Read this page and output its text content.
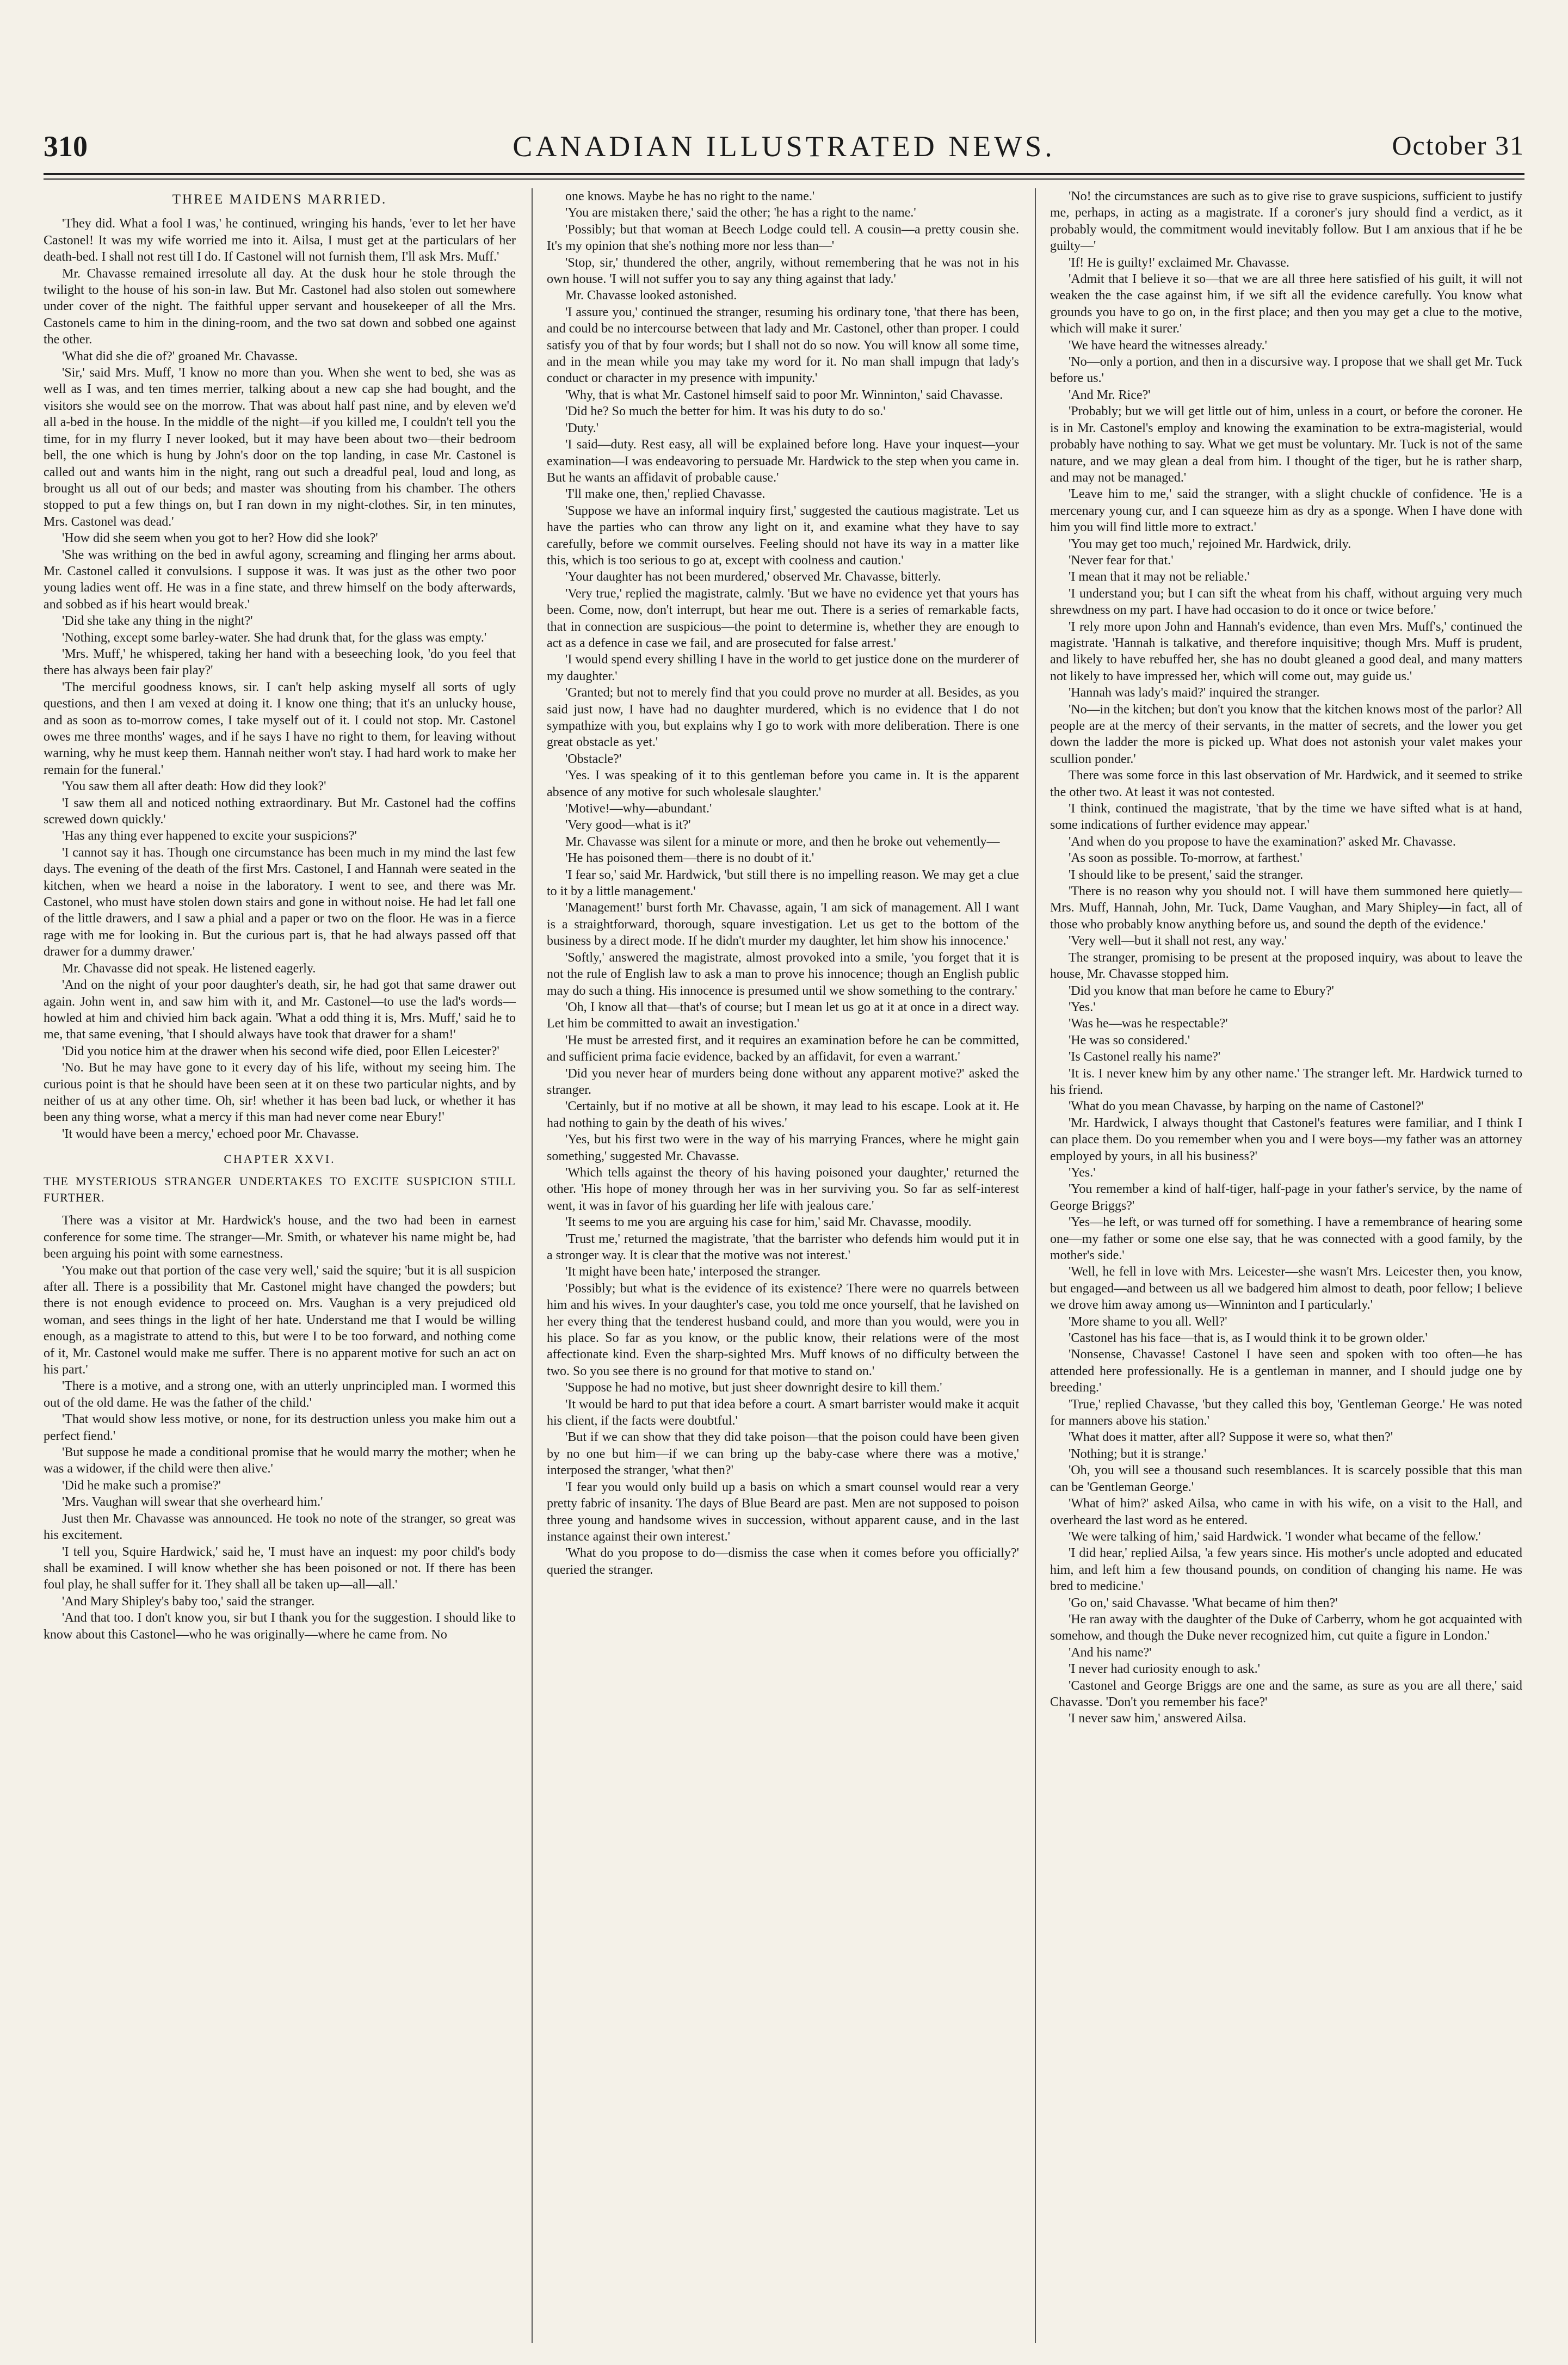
310	CANADIAN ILLUSTRATED NEWS.	October 31
THREE MAIDENS MARRIED.

'They did. What a fool I was,' he continued, wringing his hands, 'ever to let her have Castonel! It was my wife worried me into it. Ailsa, I must get at the particulars of her death-bed. I shall not rest till I do. If Castonel will not furnish them, I'll ask Mrs. Muff.'

Mr. Chavasse remained irresolute all day. At the dusk hour he stole through the twilight to the house of his son-in law. But Mr. Castonel had also stolen out somewhere under cover of the night. The faithful upper servant and housekeeper of all the Mrs. Castonels came to him in the dining-room, and the two sat down and sobbed one against the other.

'What did she die of?' groaned Mr. Chavasse.

'Sir,' said Mrs. Muff, 'I know no more than you. When she went to bed, she was as well as I was, and ten times merrier, talking about a new cap she had bought, and the visitors she would see on the morrow. That was about half past nine, and by eleven we'd all a-bed in the house. In the middle of the night—if you killed me, I couldn't tell you the time, for in my flurry I never looked, but it may have been about two—their bedroom bell, the one which is hung by John's door on the top landing, in case Mr. Castonel is called out and wants him in the night, rang out such a dreadful peal, loud and long, as brought us all out of our beds; and master was shouting from his chamber. The others stopped to put a few things on, but I ran down in my night-clothes. Sir, in ten minutes, Mrs. Castonel was dead.'

'How did she seem when you got to her? How did she look?'

'She was writhing on the bed in awful agony, screaming and flinging her arms about. Mr. Castonel called it convulsions. I suppose it was. It was just as the other two poor young ladies went off. He was in a fine state, and threw himself on the body afterwards, and sobbed as if his heart would break.'

'Did she take any thing in the night?'

'Nothing, except some barley-water. She had drunk that, for the glass was empty.'

'Mrs. Muff,' he whispered, taking her hand with a beseeching look, 'do you feel that there has always been fair play?'

'The merciful goodness knows, sir. I can't help asking myself all sorts of ugly questions, and then I am vexed at doing it. I know one thing; that it's an unlucky house, and as soon as to-morrow comes, I take myself out of it. I could not stop. Mr. Castonel owes me three months' wages, and if he says I have no right to them, for leaving without warning, why he must keep them. Hannah neither won't stay. I had hard work to make her remain for the funeral.'

'You saw them all after death: How did they look?'

'I saw them all and noticed nothing extraordinary. But Mr. Castonel had the coffins screwed down quickly.'

'Has any thing ever happened to excite your suspicions?'

'I cannot say it has. Though one circumstance has been much in my mind the last few days. The evening of the death of the first Mrs. Castonel, I and Hannah were seated in the kitchen, when we heard a noise in the laboratory. I went to see, and there was Mr. Castonel, who must have stolen down stairs and gone in without noise. He had let fall one of the little drawers, and I saw a phial and a paper or two on the floor. He was in a fierce rage with me for looking in. But the curious part is, that he had always passed off that drawer for a dummy drawer.'

Mr. Chavasse did not speak. He listened eagerly.

'And on the night of your poor daughter's death, sir, he had got that same drawer out again. John went in, and saw him with it, and Mr. Castonel—to use the lad's words—howled at him and chivied him back again. 'What a odd thing it is, Mrs. Muff,' said he to me, that same evening, 'that I should always have took that drawer for a sham!'

'Did you notice him at the drawer when his second wife died, poor Ellen Leicester?'

'No. But he may have gone to it every day of his life, without my seeing him. The curious point is that he should have been seen at it on these two particular nights, and by neither of us at any other time. Oh, sir! whether it has been bad luck, or whether it has been any thing worse, what a mercy if this man had never come near Ebury!'

'It would have been a mercy,' echoed poor Mr. Chavasse.

CHAPTER XXVI.
THE MYSTERIOUS STRANGER UNDERTAKES TO EXCITE SUSPICION STILL FURTHER.

There was a visitor at Mr. Hardwick's house, and the two had been in earnest conference for some time. The stranger—Mr. Smith, or whatever his name might be, had been arguing his point with some earnestness.

'You make out that portion of the case very well,' said the squire; 'but it is all suspicion after all. There is a possibility that Mr. Castonel might have changed the powders; but there is not enough evidence to proceed on. Mrs. Vaughan is a very prejudiced old woman, and sees things in the light of her hate. Understand me that I would be willing enough, as a magistrate to attend to this, but were I to be too forward, and nothing come of it, Mr. Castonel would make me suffer. There is no apparent motive for such an act on his part.'

'There is a motive, and a strong one, with an utterly unprincipled man. I wormed this out of the old dame. He was the father of the child.'

'That would show less motive, or none, for its destruction unless you make him out a perfect fiend.'

'But suppose he made a conditional promise that he would marry the mother; when he was a widower, if the child were then alive.'

'Did he make such a promise?'

'Mrs. Vaughan will swear that she overheard him.'

Just then Mr. Chavasse was announced. He took no note of the stranger, so great was his excitement.

'I tell you, Squire Hardwick,' said he, 'I must have an inquest: my poor child's body shall be examined. I will know whether she has been poisoned or not. If there has been foul play, he shall suffer for it. They shall all be taken up—all—all.'

'And Mary Shipley's baby too,' said the stranger.

'And that too. I don't know you, sir but I thank you for the suggestion. I should like to know about this Castonel—who he was originally—where he came from. No

one knows. Maybe he has no right to the name.'

'You are mistaken there,' said the other; 'he has a right to the name.'

'Possibly; but that woman at Beech Lodge could tell. A cousin—a pretty cousin she. It's my opinion that she's nothing more nor less than—'

'Stop, sir,' thundered the other, angrily, without remembering that he was not in his own house. 'I will not suffer you to say any thing against that lady.'

Mr. Chavasse looked astonished.

'I assure you,' continued the stranger, resuming his ordinary tone, 'that there has been, and could be no intercourse between that lady and Mr. Castonel, other than proper. I could satisfy you of that by four words; but I shall not do so now. You will know all some time, and in the mean while you may take my word for it. No man shall impugn that lady's conduct or character in my presence with impunity.'

'Why, that is what Mr. Castonel himself said to poor Mr. Winninton,' said Chavasse.

'Did he? So much the better for him. It was his duty to do so.'

'Duty.'

'I said—duty. Rest easy, all will be explained before long. Have your inquest—your examination—I was endeavoring to persuade Mr. Hardwick to the step when you came in. But he wants an affidavit of probable cause.'

'I'll make one, then,' replied Chavasse.

'Suppose we have an informal inquiry first,' suggested the cautious magistrate. 'Let us have the parties who can throw any light on it, and examine what they have to say carefully, before we commit ourselves. Feeling should not have its way in a matter like this, which is too serious to go at, except with coolness and caution.'

'Your daughter has not been murdered,' observed Mr. Chavasse, bitterly.

'Very true,' replied the magistrate, calmly. 'But we have no evidence yet that yours has been. Come, now, don't interrupt, but hear me out. There is a series of remarkable facts, that in connection are suspicious—the point to determine is, whether they are enough to act as a defence in case we fail, and are prosecuted for false arrest.'

'I would spend every shilling I have in the world to get justice done on the murderer of my daughter.'

'Granted; but not to merely find that you could prove no murder at all. Besides, as you said just now, I have had no daughter murdered, which is no evidence that I do not sympathize with you, but explains why I go to work with more deliberation. There is one great obstacle as yet.'

'Obstacle?'

'Yes. I was speaking of it to this gentleman before you came in. It is the apparent absence of any motive for such wholesale slaughter.'

'Motive!—why—abundant.'

'Very good—what is it?'

Mr. Chavasse was silent for a minute or more, and then he broke out vehemently—

'He has poisoned them—there is no doubt of it.'

'I fear so,' said Mr. Hardwick, 'but still there is no impelling reason. We may get a clue to it by a little management.'

'Management!' burst forth Mr. Chavasse, again, 'I am sick of management. All I want is a straightforward, thorough, square investigation. Let us get to the bottom of the business by a direct mode. If he didn't murder my daughter, let him show his innocence.'

'Softly,' answered the magistrate, almost provoked into a smile, 'you forget that it is not the rule of English law to ask a man to prove his innocence; though an English public may do such a thing. His innocence is presumed until we show something to the contrary.'

'Oh, I know all that—that's of course; but I mean let us go at it at once in a direct way. Let him be committed to await an investigation.'

'He must be arrested first, and it requires an examination before he can be committed, and sufficient prima facie evidence, backed by an affidavit, for even a warrant.'

'Did you never hear of murders being done without any apparent motive?' asked the stranger.

'Certainly, but if no motive at all be shown, it may lead to his escape. Look at it. He had nothing to gain by the death of his wives.'

'Yes, but his first two were in the way of his marrying Frances, where he might gain something,' suggested Mr. Chavasse.

'Which tells against the theory of his having poisoned your daughter,' returned the other. 'His hope of money through her was in her surviving you. So far as self-interest went, it was in favor of his guarding her life with jealous care.'

'It seems to me you are arguing his case for him,' said Mr. Chavasse, moodily.

'Trust me,' returned the magistrate, 'that the barrister who defends him would put it in a stronger way. It is clear that the motive was not interest.'

'It might have been hate,' interposed the stranger.

'Possibly; but what is the evidence of its existence? There were no quarrels between him and his wives. In your daughter's case, you told me once yourself, that he lavished on her every thing that the tenderest husband could, and more than you would, were you in his place. So far as you know, or the public know, their relations were of the most affectionate kind. Even the sharp-sighted Mrs. Muff knows of no difficulty between the two. So you see there is no ground for that motive to stand on.'

'Suppose he had no motive, but just sheer downright desire to kill them.'

'It would be hard to put that idea before a court. A smart barrister would make it acquit his client, if the facts were doubtful.'

'But if we can show that they did take poison—that the poison could have been given by no one but him—if we can bring up the baby-case where there was a motive,' interposed the stranger, 'what then?'

'I fear you would only build up a basis on which a smart counsel would rear a very pretty fabric of insanity. The days of Blue Beard are past. Men are not supposed to poison three young and handsome wives in succession, without apparent cause, and in the last instance against their own interest.'

'What do you propose to do—dismiss the case when it comes before you officially?' queried the stranger.

'No! the circumstances are such as to give rise to grave suspicions, sufficient to justify me, perhaps, in acting as a magistrate. If a coroner's jury should find a verdict, as it probably would, the commitment would inevitably follow. But I am anxious that if he be guilty—'

'If! He is guilty!' exclaimed Mr. Chavasse.

'Admit that I believe it so—that we are all three here satisfied of his guilt, it will not weaken the the case against him, if we sift all the evidence carefully. You know what grounds you have to go on, in the first place; and then you may get a clue to the motive, which will make it surer.'

'We have heard the witnesses already.'

'No—only a portion, and then in a discursive way. I propose that we shall get Mr. Tuck before us.'

'And Mr. Rice?'

'Probably; but we will get little out of him, unless in a court, or before the coroner. He is in Mr. Castonel's employ and knowing the examination to be extra-magisterial, would probably have nothing to say. What we get must be voluntary. Mr. Tuck is not of the same nature, and we may glean a deal from him. I thought of the tiger, but he is rather sharp, and may not be managed.'

'Leave him to me,' said the stranger, with a slight chuckle of confidence. 'He is a mercenary young cur, and I can squeeze him as dry as a sponge. When I have done with him you will find little more to extract.'

'You may get too much,' rejoined Mr. Hardwick, drily.

'Never fear for that.'

'I mean that it may not be reliable.'

'I understand you; but I can sift the wheat from his chaff, without arguing very much shrewdness on my part. I have had occasion to do it once or twice before.'

'I rely more upon John and Hannah's evidence, than even Mrs. Muff's,' continued the magistrate. 'Hannah is talkative, and therefore inquisitive; though Mrs. Muff is prudent, and likely to have rebuffed her, she has no doubt gleaned a good deal, and many matters not likely to have impressed her, which will come out, may guide us.'

'Hannah was lady's maid?' inquired the stranger.

'No—in the kitchen; but don't you know that the kitchen knows most of the parlor? All people are at the mercy of their servants, in the matter of secrets, and the lower you get down the ladder the more is picked up. What does not astonish your valet makes your scullion ponder.'

There was some force in this last observation of Mr. Hardwick, and it seemed to strike the other two. At least it was not contested.

'I think, continued the magistrate, 'that by the time we have sifted what is at hand, some indications of further evidence may appear.'

'And when do you propose to have the examination?' asked Mr. Chavasse.

'As soon as possible. To-morrow, at farthest.'

'I should like to be present,' said the stranger.

'There is no reason why you should not. I will have them summoned here quietly—Mrs. Muff, Hannah, John, Mr. Tuck, Dame Vaughan, and Mary Shipley—in fact, all of those who probably know anything before us, and sound the depth of the evidence.'

'Very well—but it shall not rest, any way.'

The stranger, promising to be present at the proposed inquiry, was about to leave the house, Mr. Chavasse stopped him.

'Did you know that man before he came to Ebury?'

'Yes.'

'Was he—was he respectable?'

'He was so considered.'

'Is Castonel really his name?'

'It is. I never knew him by any other name.' The stranger left. Mr. Hardwick turned to his friend.

'What do you mean Chavasse, by harping on the name of Castonel?'

'Mr. Hardwick, I always thought that Castonel's features were familiar, and I think I can place them. Do you remember when you and I were boys—my father was an attorney employed by yours, in all his business?'

'Yes.'

'You remember a kind of half-tiger, half-page in your father's service, by the name of George Briggs?'

'Yes—he left, or was turned off for something. I have a remembrance of hearing some one—my father or some one else say, that he was connected with a good family, by the mother's side.'

'Well, he fell in love with Mrs. Leicester—she wasn't Mrs. Leicester then, you know, but engaged—and between us all we badgered him almost to death, poor fellow; I believe we drove him away among us—Winninton and I particularly.'

'More shame to you all. Well?'

'Castonel has his face—that is, as I would think it to be grown older.'

'Nonsense, Chavasse! Castonel I have seen and spoken with too often—he has attended here professionally. He is a gentleman in manner, and I should judge one by breeding.'

'True,' replied Chavasse, 'but they called this boy, 'Gentleman George.' He was noted for manners above his station.'

'What does it matter, after all? Suppose it were so, what then?'

'Nothing; but it is strange.'

'Oh, you will see a thousand such resemblances. It is scarcely possible that this man can be 'Gentleman George.'

'What of him?' asked Ailsa, who came in with his wife, on a visit to the Hall, and overheard the last word as he entered.

'We were talking of him,' said Hardwick. 'I wonder what became of the fellow.'

'I did hear,' replied Ailsa, 'a few years since. His mother's uncle adopted and educated him, and left him a few thousand pounds, on condition of changing his name. He was bred to medicine.'

'Go on,' said Chavasse. 'What became of him then?'

'He ran away with the daughter of the Duke of Carberry, whom he got acquainted with somehow, and though the Duke never recognized him, cut quite a figure in London.'

'And his name?'

'I never had curiosity enough to ask.'

'Castonel and George Briggs are one and the same, as sure as you are all there,' said Chavasse. 'Don't you remember his face?'

'I never saw him,' answered Ailsa.
